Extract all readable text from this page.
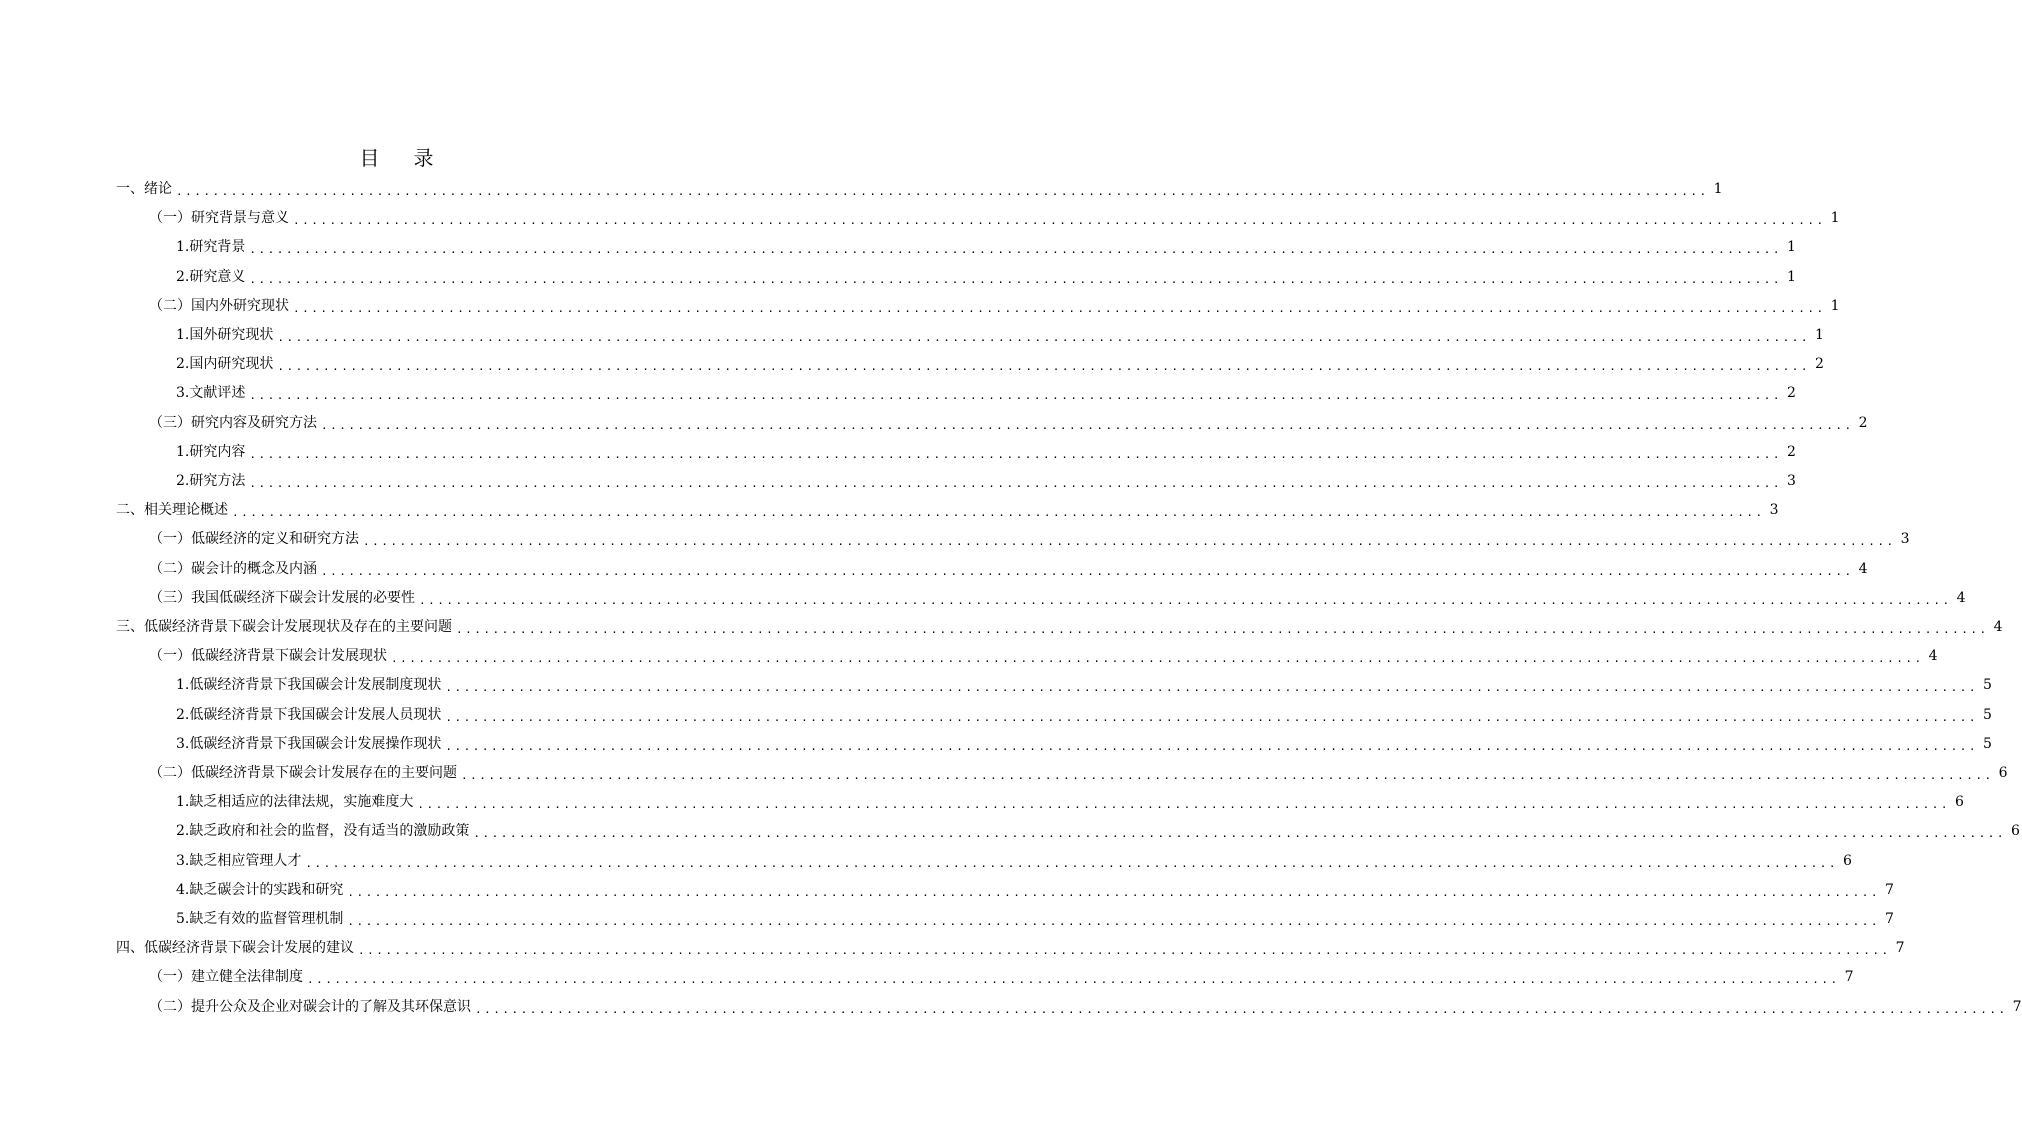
目 录
一、绪论 ........................................................................................................................................................................ 1
（一）研究背景与意义 ........................................................................................................................................................................ 1
1.研究背景 ........................................................................................................................................................................ 1
2.研究意义 ........................................................................................................................................................................ 1
（二）国内外研究现状 ........................................................................................................................................................................ 1
1.国外研究现状 ........................................................................................................................................................................ 1
2.国内研究现状 ........................................................................................................................................................................ 2
3.文献评述 ........................................................................................................................................................................ 2
（三）研究内容及研究方法 ........................................................................................................................................................................ 2
1.研究内容 ........................................................................................................................................................................ 2
2.研究方法 ........................................................................................................................................................................ 3
二、相关理论概述 ........................................................................................................................................................................ 3
（一）低碳经济的定义和研究方法 ........................................................................................................................................................................ 3
（二）碳会计的概念及内涵 ........................................................................................................................................................................ 4
（三）我国低碳经济下碳会计发展的必要性 ........................................................................................................................................................................ 4
三、低碳经济背景下碳会计发展现状及存在的主要问题 ........................................................................................................................................................................ 4
（一）低碳经济背景下碳会计发展现状 ........................................................................................................................................................................ 4
1.低碳经济背景下我国碳会计发展制度现状 ........................................................................................................................................................................ 5
2.低碳经济背景下我国碳会计发展人员现状 ........................................................................................................................................................................ 5
3.低碳经济背景下我国碳会计发展操作现状 ........................................................................................................................................................................ 5
（二）低碳经济背景下碳会计发展存在的主要问题 ........................................................................................................................................................................ 6
1.缺乏相适应的法律法规，实施难度大 ........................................................................................................................................................................ 6
2.缺乏政府和社会的监督，没有适当的激励政策 ........................................................................................................................................................................ 6
3.缺乏相应管理人才 ........................................................................................................................................................................ 6
4.缺乏碳会计的实践和研究 ........................................................................................................................................................................ 7
5.缺乏有效的监督管理机制 ........................................................................................................................................................................ 7
四、低碳经济背景下碳会计发展的建议 ........................................................................................................................................................................ 7
（一）建立健全法律制度 ........................................................................................................................................................................ 7
（二）提升公众及企业对碳会计的了解及其环保意识 ........................................................................................................................................................................ 7
